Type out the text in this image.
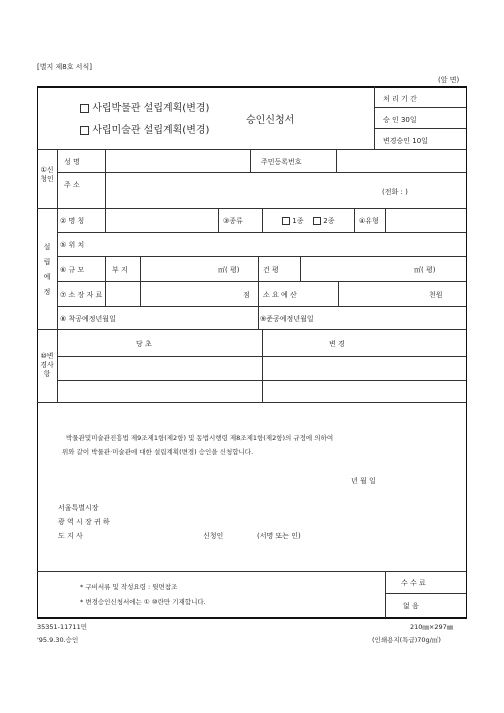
[별지 제8호 서식]
(앞 면)
사립박물관 설립계획(변경)
사립미술관 설립계획(변경)
승인신청서
처 리 기 간
승 인 30일
변경승인 10일
①신청인
성 명	주민등록번호
주 소
(전화 : )
설립예정
② 명 칭	③종류	1종	2종	④유형
⑤ 위 치
⑥ 규 모	부 지	㎡( 평)	건 평	㎡( 평)
⑦ 소 장 자 료	점 소 요 예 산	천원
⑧ 착공예정년월일	⑨준공예정년월일
⑩변경사항
당 초	변 경
박물관및미술관진흥법 제9조제1항(제2항) 및 동법시행령 제8조제1항(제2항)의 규정에 의하여
위와 같이 박물관·미술관에 대한 설립계획(변경) 승인을 신청합니다.
년 월 일
서울특별시장
광 역 시 장 귀 하
도 지 사	신청인	(서명 또는 인)
* 구비서류 및 작성요령 : 뒷면참조
* 변경승인신청서에는 ① ⑩란만 기재합니다.
수 수 료
없 음
35351-11711민	210㎜×297㎜
'95.9.30.승인	(인쇄용지(특급)70g/㎡)
